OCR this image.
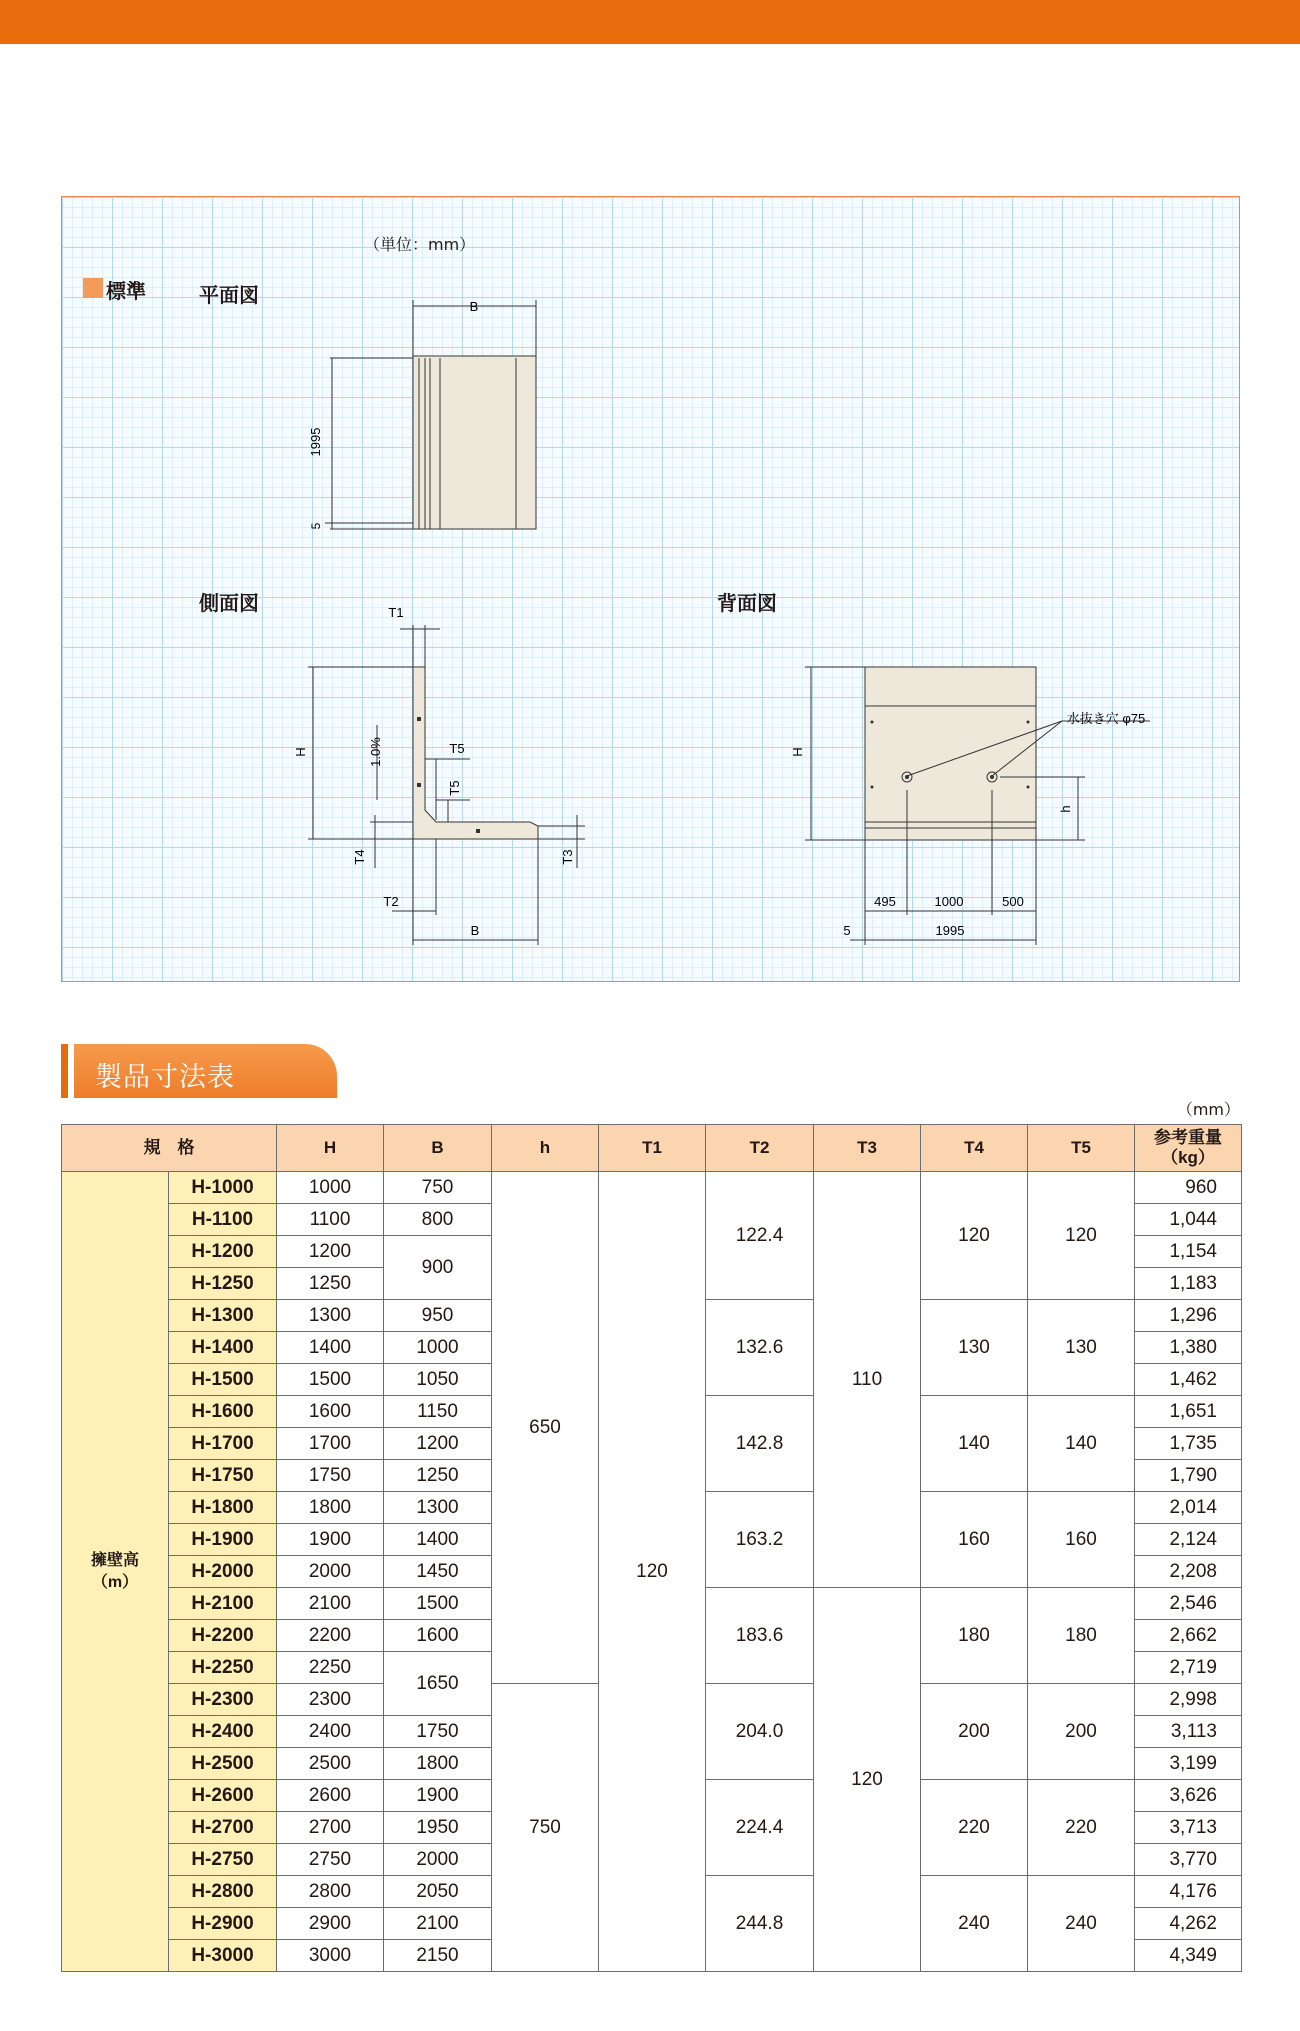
（単位：mm）
標準	平面図
側面図	背面図
B
1995
5
T1
H	1.0%	T5
T5
T4	T3
T2
B
H
h
水抜き穴 φ75
495	1000	500
5	1995
製品寸法表
（mm）
規　格		H	B	h	T1	T2	T3	T4	T5	参考重量
（kg）

擁壁高
（m）	H-1000	1000	750	650	120	122.4	110	120	120	960
	H-1100	1100	800							1,044
	H-1200	1200	900							1,154
	H-1250	1250								1,183
	H-1300	1300	950			132.6		130	130	1,296
	H-1400	1400	1000							1,380
	H-1500	1500	1050							1,462
	H-1600	1600	1150			142.8		140	140	1,651
	H-1700	1700	1200							1,735
	H-1750	1750	1250							1,790
	H-1800	1800	1300			163.2		160	160	2,014
	H-1900	1900	1400							2,124
	H-2000	2000	1450							2,208
	H-2100	2100	1500			183.6	120	180	180	2,546
	H-2200	2200	1600							2,662
	H-2250	2250	1650							2,719
	H-2300	2300		750		204.0		200	200	2,998
	H-2400	2400	1750							3,113
	H-2500	2500	1800							3,199
	H-2600	2600	1900			224.4		220	220	3,626
	H-2700	2700	1950							3,713
	H-2750	2750	2000							3,770
	H-2800	2800	2050			244.8		240	240	4,176
	H-2900	2900	2100							4,262
	H-3000	3000	2150							4,349
